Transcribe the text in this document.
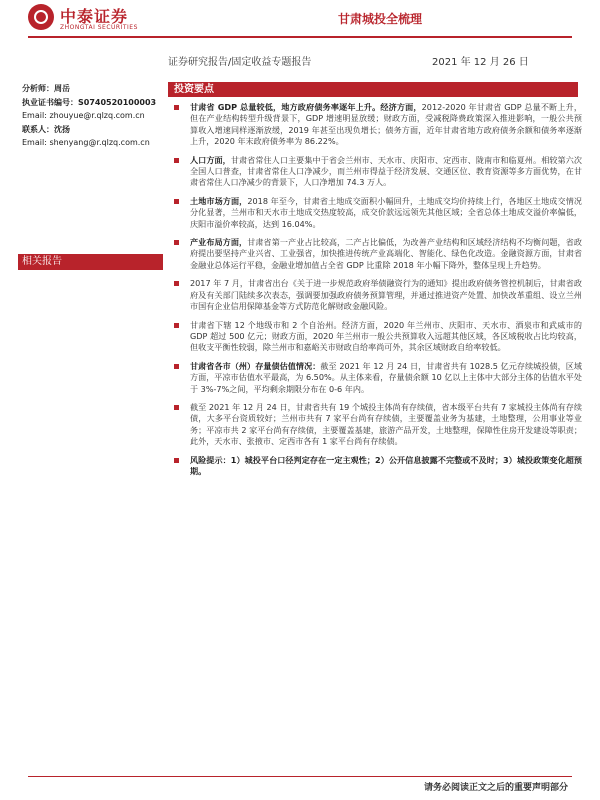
中泰证券
ZHONGTAI SECURITIES
甘肃城投全梳理
证券研究报告/固定收益专题报告	2021 年 12 月 26 日
投资要点
分析师：周岳
执业证书编号：S0740520100003
Email: zhouyue@r.qlzq.com.cn
联系人：沈扬
Email: shenyang@r.qlzq.com.cn
相关报告
甘肃省 GDP 总量较低，地方政府债务率逐年上升。经济方面，2012-2020 年甘肃省 GDP 总量不断上升，但在产业结构转型升级背景下，GDP 增速明显放缓；财政方面，受减税降费政策深入推进影响，一般公共预算收入增速同样逐渐放缓，2019 年甚至出现负增长；债务方面，近年甘肃省地方政府债务余额和债务率逐渐上升，2020 年末政府债务率为 86.22%。
人口方面，甘肃省常住人口主要集中于省会兰州市、天水市、庆阳市、定西市、陇南市和临夏州。相较第六次全国人口普查，甘肃省常住人口净减少，而兰州市得益于经济发展、交通区位、教育资源等多方面优势，在甘肃省常住人口净减少的背景下，人口净增加 74.3 万人。
土地市场方面，2018 年至今，甘肃省土地成交面积小幅回升，土地成交均价持续上行，各地区土地成交情况分化显著，兰州市和天水市土地成交热度较高，成交价款远远领先其他区域；全省总体土地成交溢价率偏低，庆阳市溢价率较高，达到 16.04%。
产业布局方面，甘肃省第一产业占比较高，二产占比偏低，为改善产业结构和区域经济结构不均衡问题，省政府提出要坚持产业兴省、工业强省，加快推进传统产业高端化、智能化、绿色化改造。金融资源方面，甘肃省金融业总体运行平稳，金融业增加值占全省 GDP 比重除 2018 年小幅下降外，整体呈现上升趋势。
2017 年 7 月，甘肃省出台《关于进一步规范政府举债融资行为的通知》提出政府债务管控机制后，甘肃省政府及有关部门陆续多次表态，强调要加强政府债务预算管理，并通过推进资产处置、加快改革重组、设立兰州市国有企业信用保障基金等方式防范化解财政金融风险。
甘肃省下辖 12 个地级市和 2 个自治州。经济方面，2020 年兰州市、庆阳市、天水市、酒泉市和武威市的 GDP 超过 500 亿元；财政方面，2020 年兰州市一般公共预算收入远超其他区域，各区域税收占比均较高，但收支平衡性较弱，除兰州市和嘉峪关市财政自给率尚可外，其余区域财政自给率较低。
甘肃省各市（州）存量债估值情况：截至 2021 年 12 月 24 日，甘肃省共有 1028.5 亿元存续城投债，区域方面，平凉市估值水平最高，为 6.50%。从主体来看，存量债余额 10 亿以上主体中大部分主体的估值水平处于 3%-7%之间，平均剩余期限分布在 0-6 年内。
截至 2021 年 12 月 24 日，甘肃省共有 19 个城投主体尚有存续债，省本级平台共有 7 家城投主体尚有存续债，大多平台资质较好；兰州市共有 7 家平台尚有存续债，主要覆盖业务为基建，土地整理，公用事业等业务；平凉市共 2 家平台尚有存续债，主要覆盖基建，旅游产品开发，土地整理，保障性住房开发建设等职责；此外，天水市、张掖市、定西市各有 1 家平台尚有存续债。
风险提示：1）城投平台口径判定存在一定主观性；2）公开信息披露不完整或不及时；3）城投政策变化超预期。
请务必阅读正文之后的重要声明部分
